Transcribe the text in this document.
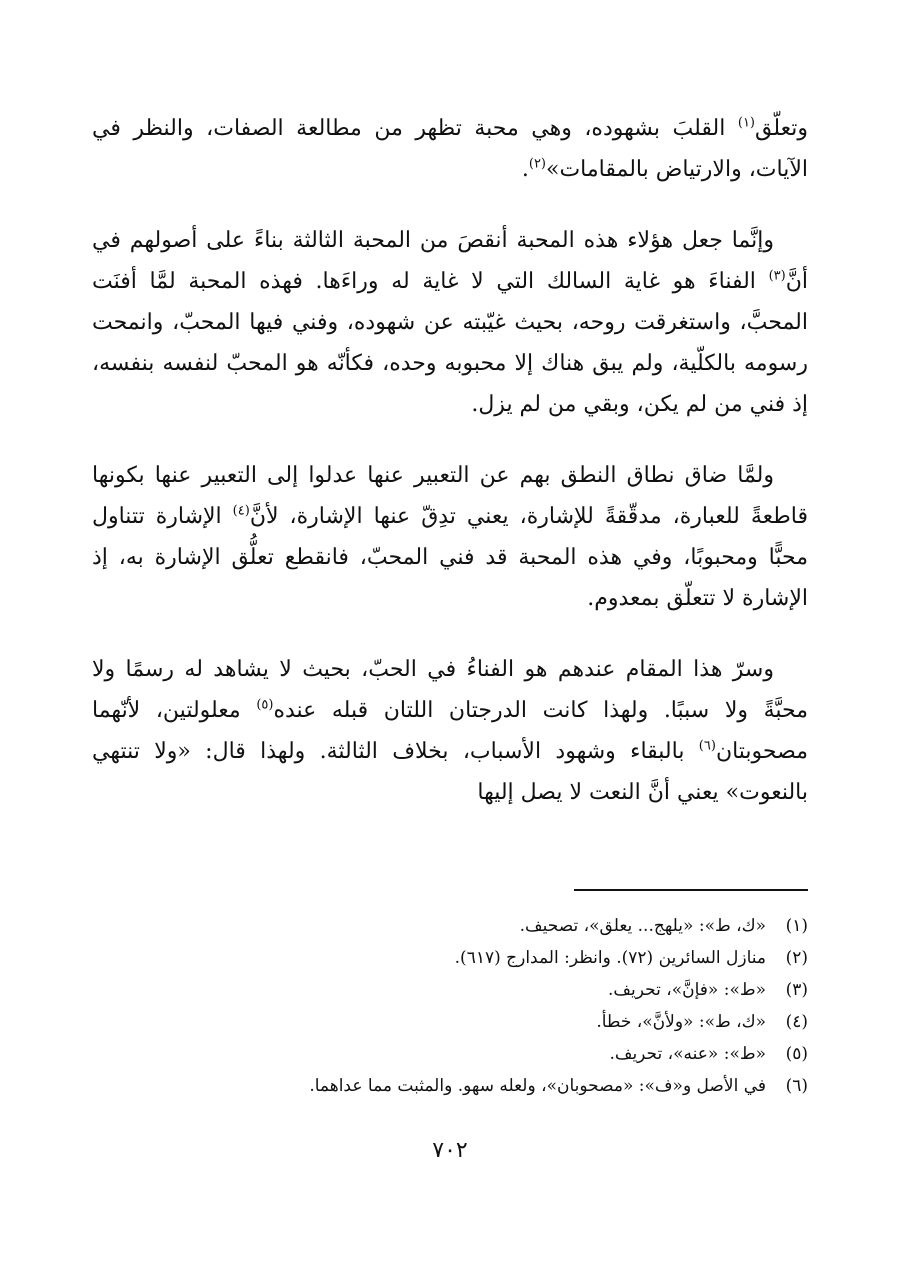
وتعلّق$^{(١)}$ القلبَ بشهوده، وهي محبة تظهر من مطالعة الصفات، والنظر في الآيات، والارتياض بالمقامات»$^{(٢)}$.

وإنَّما جعل هؤلاء هذه المحبة أنقصَ من المحبة الثالثة بناءً على أصولهم في أنَّ$^{(٣)}$ الفناءَ هو غاية السالك التي لا غاية له وراءَها. فهذه المحبة لمَّا أفنَت المحبَّ، واستغرقت روحه، بحيث غيّبته عن شهوده، وفني فيها المحبّ، وانمحت رسومه بالكلّية، ولم يبق هناك إلا محبوبه وحده، فكأنّه هو المحبّ لنفسه بنفسه، إذ فني من لم يكن، وبقي من لم يزل.

ولمَّا ضاق نطاق النطق بهم عن التعبير عنها عدلوا إلى التعبير عنها بكونها قاطعةً للعبارة، مدقّقةً للإشارة، يعني تدِقّ عنها الإشارة، لأنَّ$^{(٤)}$ الإشارة تتناول محبًّا ومحبوبًا، وفي هذه المحبة قد فني المحبّ، فانقطع تعلُّق الإشارة به، إذ الإشارة لا تتعلّق بمعدوم.

وسرّ هذا المقام عندهم هو الفناءُ في الحبّ، بحيث لا يشاهد له رسمًا ولا محبَّةً ولا سببًا. ولهذا كانت الدرجتان اللتان قبله عنده$^{(٥)}$ معلولتين، لأنّهما مصحوبتان$^{(٦)}$ بالبقاء وشهود الأسباب، بخلاف الثالثة. ولهذا قال: «ولا تنتهي بالنعوت» يعني أنَّ النعت لا يصل إليها

(١)
«ك، ط»: «يلهج... يعلق»، تصحيف.
(٢)
منازل السائرين (٧٢). وانظر: المدارج (٦١٧).
(٣)
«ط»: «فإنَّ»، تحريف.
(٤)
«ك، ط»: «ولأنَّ»، خطأ.
(٥)
«ط»: «عنه»، تحريف.
(٦)
في الأصل و«ف»: «مصحوبان»، ولعله سهو. والمثبت مما عداهما.
٧٠٢
